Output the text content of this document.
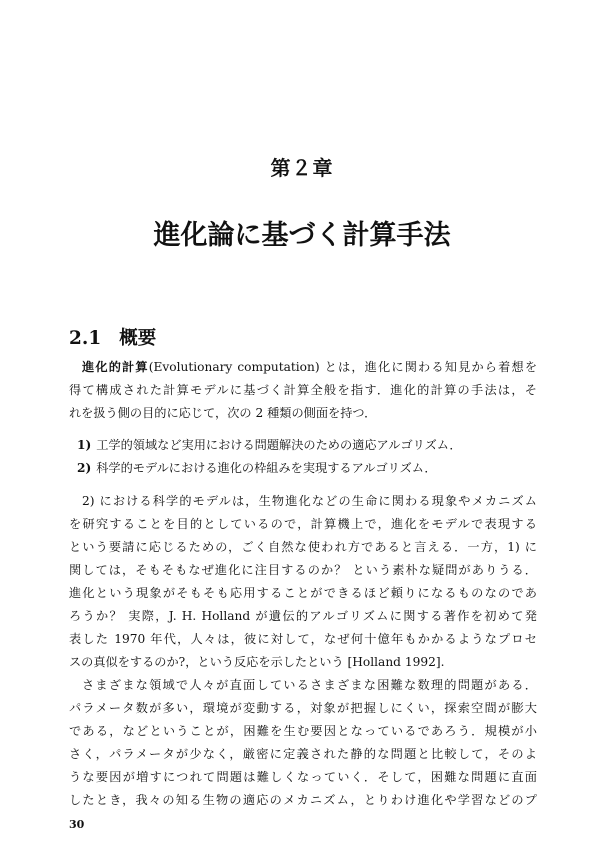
第２章
進化論に基づく計算手法
2.1 概要
進化的計算(Evolutionary computation) とは，進化に関わる知見から着想を
得て構成された計算モデルに基づく計算全般を指す．進化的計算の手法は，そ
れを扱う側の目的に応じて，次の 2 種類の側面を持つ．
1) 工学的領域など実用における問題解決のための適応アルゴリズム．
2) 科学的モデルにおける進化の枠組みを実現するアルゴリズム．
2) における科学的モデルは，生物進化などの生命に関わる現象やメカニズム
を研究することを目的としているので，計算機上で，進化をモデルで表現する
という要請に応じるための，ごく自然な使われ方であると言える．一方，1) に
関しては，そもそもなぜ進化に注目するのか？ という素朴な疑問がありうる．
進化という現象がそもそも応用することができるほど頼りになるものなのであ
ろうか？ 実際，J. H. Holland が遺伝的アルゴリズムに関する著作を初めて発
表した 1970 年代，人々は，彼に対して，なぜ何十億年もかかるようなプロセ
スの真似をするのか?，という反応を示したという [Holland 1992].
さまざまな領域で人々が直面しているさまざまな困難な数理的問題がある．
パラメータ数が多い，環境が変動する，対象が把握しにくい，探索空間が膨大
である，などということが，困難を生む要因となっているであろう．規模が小
さく，パラメータが少なく，厳密に定義された静的な問題と比較して，そのよ
うな要因が増すにつれて問題は難しくなっていく．そして，困難な問題に直面
したとき，我々の知る生物の適応のメカニズム，とりわけ進化や学習などのプ
30
